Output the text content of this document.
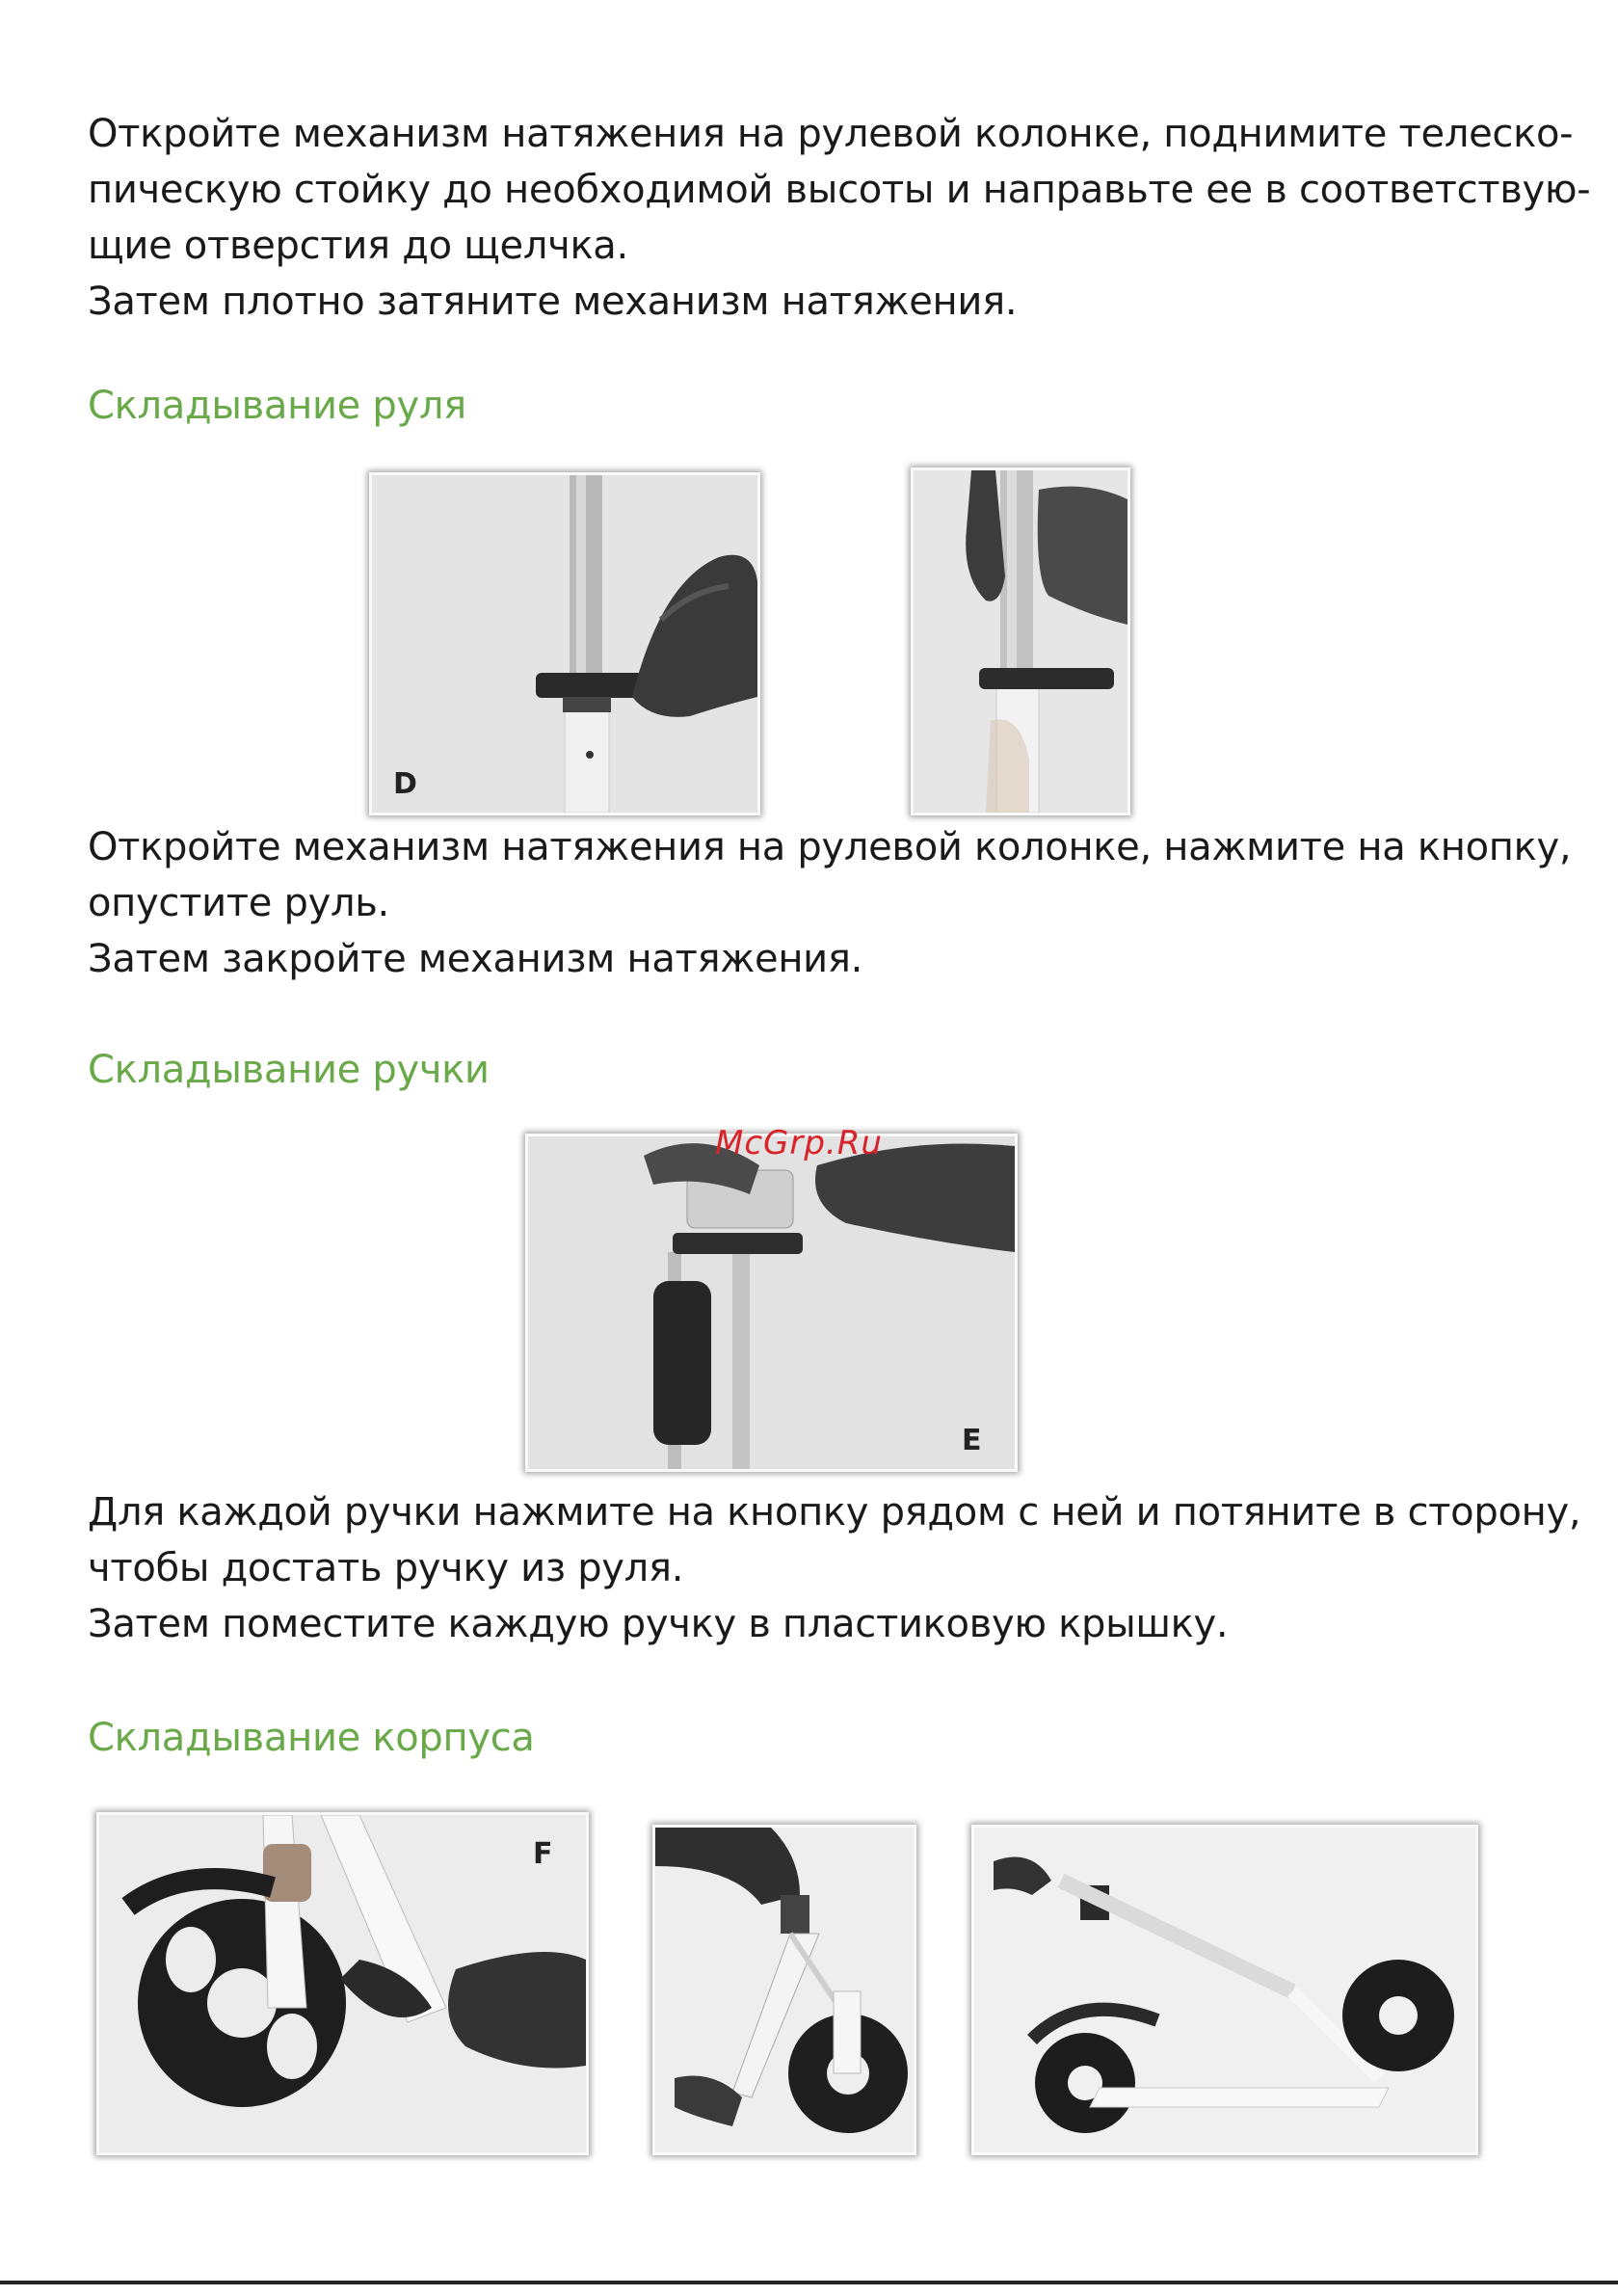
Откройте механизм натяжения на рулевой колонке, поднимите телеско-
пическую стойку до необходимой высоты и направьте ее в соответствую-
щие отверстия до щелчка.
Затем плотно затяните механизм натяжения.

Складывание руля
D

Откройте механизм натяжения на рулевой колонке, нажмите на кнопку,
опустите руль.
Затем закройте механизм натяжения.

Складывание ручки
E
McGrp.Ru

Для каждой ручки нажмите на кнопку рядом с ней и потяните в сторону,
чтобы достать ручку из руля.
Затем поместите каждую ручку в пластиковую крышку.

Складывание корпуса
F
